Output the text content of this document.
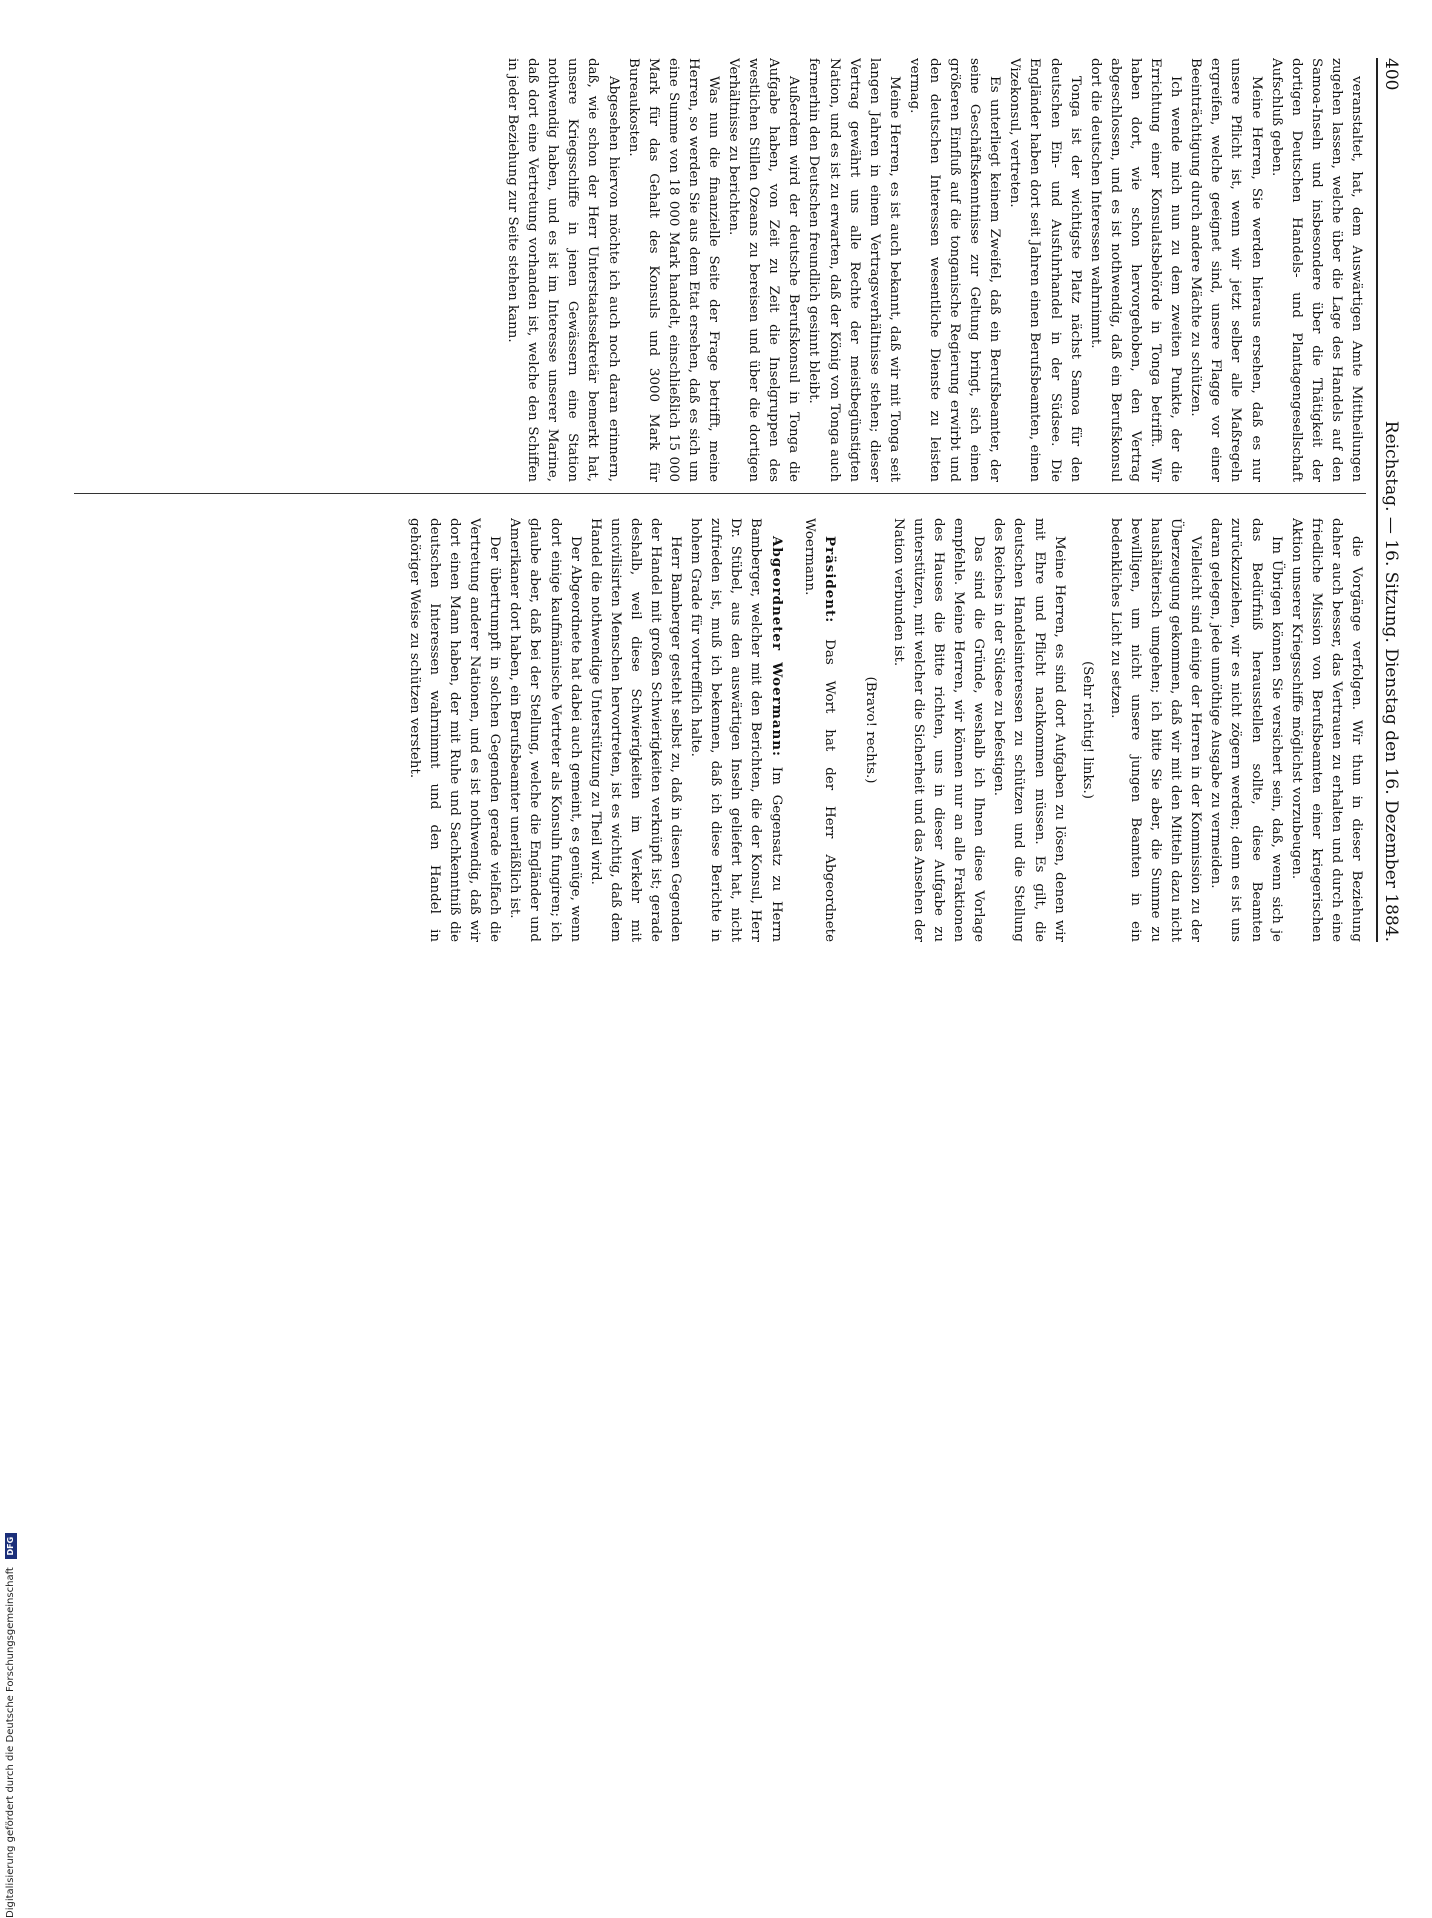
400
Reichstag. — 16. Sitzung. Dienstag den 16. Dezember 1884.

veranstaltet, hat, dem Auswärtigen Amte Mittheilungen zugehen lassen, welche über die Lage des Handels auf den Samoa-Inseln und insbesondere über die Thätigkeit der dortigen Deutschen Handels- und Plantagengesellschaft Aufschluß geben.

Meine Herren, Sie werden hieraus ersehen, daß es nur unsere Pflicht ist, wenn wir jetzt selber alle Maßregeln ergreifen, welche geeignet sind, unsere Flagge vor einer Beeinträchtigung durch andere Mächte zu schützen.

Ich wende mich nun zu dem zweiten Punkte, der die Errichtung einer Konsulatsbehörde in Tonga betrifft. Wir haben dort, wie schon hervorgehoben, den Vertrag abgeschlossen, und es ist nothwendig, daß ein Berufskonsul dort die deutschen Interessen wahrnimmt.

Tonga ist der wichtigste Platz nächst Samoa für den deutschen Ein- und Ausfuhrhandel in der Südsee. Die Engländer haben dort seit Jahren einen Berufsbeamten, einen Vizekonsul, vertreten.

Es unterliegt keinem Zweifel, daß ein Berufsbeamter, der seine Geschäftskenntnisse zur Geltung bringt, sich einen größeren Einfluß auf die tonganische Regierung erwirbt und den deutschen Interessen wesentliche Dienste zu leisten vermag.

Meine Herren, es ist auch bekannt, daß wir mit Tonga seit langen Jahren in einem Vertragsverhältnisse stehen; dieser Vertrag gewährt uns alle Rechte der meistbegünstigten Nation, und es ist zu erwarten, daß der König von Tonga auch fernerhin den Deutschen freundlich gesinnt bleibt.

Außerdem wird der deutsche Berufskonsul in Tonga die Aufgabe haben, von Zeit zu Zeit die Inselgruppen des westlichen Stillen Ozeans zu bereisen und über die dortigen Verhältnisse zu berichten.

Was nun die finanzielle Seite der Frage betrifft, meine Herren, so werden Sie aus dem Etat ersehen, daß es sich um eine Summe von 18 000 Mark handelt, einschließlich 15 000 Mark für das Gehalt des Konsuls und 3000 Mark für Bureaukosten.

Abgesehen hiervon möchte ich auch noch daran erinnern, daß, wie schon der Herr Unterstaatssekretär bemerkt hat, unsere Kriegsschiffe in jenen Gewässern eine Station nothwendig haben, und es ist im Interesse unserer Marine, daß dort eine Vertretung vorhanden ist, welche den Schiffen in jeder Beziehung zur Seite stehen kann.

die Vorgänge verfolgen. Wir thun in dieser Beziehung daher auch besser, das Vertrauen zu erhalten und durch eine friedliche Mission von Berufsbeamten einer kriegerischen Aktion unserer Kriegsschiffe möglichst vorzubeugen.

Im Übrigen können Sie versichert sein, daß, wenn sich je das Bedürfniß herausstellen sollte, diese Beamten zurückzuziehen, wir es nicht zögern werden; denn es ist uns daran gelegen, jede unnöthige Ausgabe zu vermeiden.

Vielleicht sind einige der Herren in der Kommission zu der Überzeugung gekommen, daß wir mit den Mitteln dazu nicht haushälterisch umgehen; ich bitte Sie aber, die Summe zu bewilligen, um nicht unsere jungen Beamten in ein bedenkliches Licht zu setzen.

(Sehr richtig! links.)

Meine Herren, es sind dort Aufgaben zu lösen, denen wir mit Ehre und Pflicht nachkommen müssen. Es gilt, die deutschen Handelsinteressen zu schützen und die Stellung des Reiches in der Südsee zu befestigen.

Das sind die Gründe, weshalb ich Ihnen diese Vorlage empfehle. Meine Herren, wir können nur an alle Fraktionen des Hauses die Bitte richten, uns in dieser Aufgabe zu unterstützen, mit welcher die Sicherheit und das Ansehen der Nation verbunden ist.

(Bravo! rechts.)

Präsident: Das Wort hat der Herr Abgeordnete Woermann.

Abgeordneter Woermann: Im Gegensatz zu Herrn Bamberger, welcher mit den Berichten, die der Konsul, Herr Dr. Stübel, aus den auswärtigen Inseln geliefert hat, nicht zufrieden ist, muß ich bekennen, daß ich diese Berichte in hohem Grade für vortrefflich halte.

Herr Bamberger gesteht selbst zu, daß in diesen Gegenden der Handel mit großen Schwierigkeiten verknüpft ist; gerade deshalb, weil diese Schwierigkeiten im Verkehr mit uncivilisirten Menschen hervortreten, ist es wichtig, daß dem Handel die nothwendige Unterstützung zu Theil wird.

Der Abgeordnete hat dabei auch gemeint, es genüge, wenn dort einige kaufmännische Vertreter als Konsuln fungiren; ich glaube aber, daß bei der Stellung, welche die Engländer und Amerikaner dort haben, ein Berufsbeamter unerläßlich ist.

Der übertrumpft in solchen Gegenden gerade vielfach die Vertretung anderer Nationen, und es ist nothwendig, daß wir dort einen Mann haben, der mit Ruhe und Sachkenntniß die deutschen Interessen wahrnimmt und den Handel in gehöriger Weise zu schützen versteht.

Digitalisierung gefördert durch die Deutsche Forschungsgemeinschaft
DFG
